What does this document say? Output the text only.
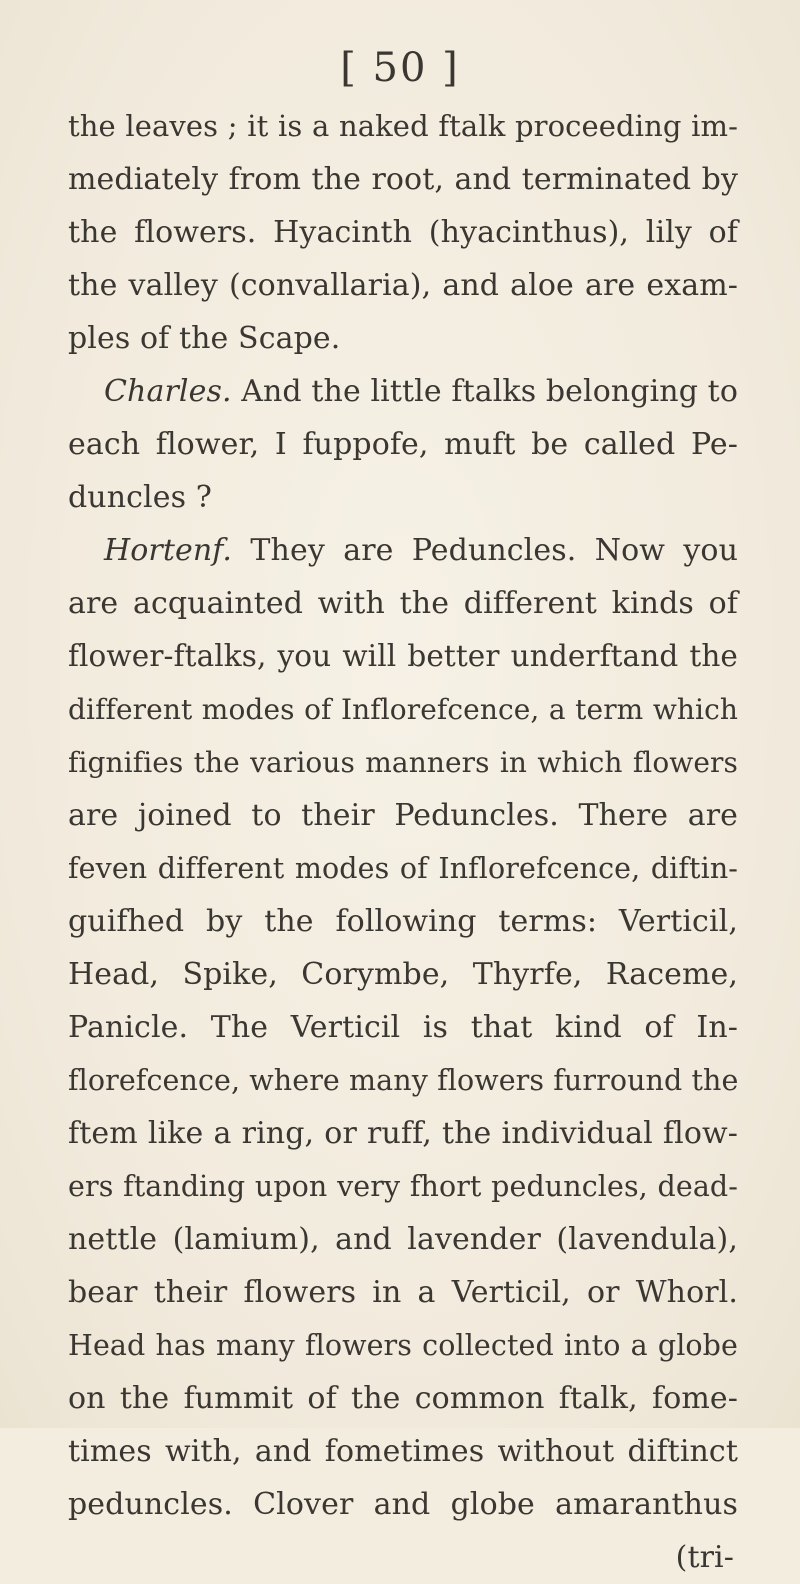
[ 50 ]
the leaves ; it is a naked ftalk proceeding im-
mediately from the root, and terminated by
the flowers. Hyacinth (hyacinthus), lily of
the valley (convallaria), and aloe are exam-
ples of the Scape.
Charles. And the little ftalks belonging to
each flower, I fuppofe, muft be called Pe-
duncles ?
Hortenf. They are Peduncles. Now you
are acquainted with the different kinds of
flower-ftalks, you will better underftand the
different modes of Inflorefcence, a term which
fignifies the various manners in which flowers
are joined to their Peduncles. There are
feven different modes of Inflorefcence, diftin-
guifhed by the following terms: Verticil,
Head, Spike, Corymbe, Thyrfe, Raceme,
Panicle. The Verticil is that kind of In-
florefcence, where many flowers furround the
ftem like a ring, or ruff, the individual flow-
ers ftanding upon very fhort peduncles, dead-
nettle (lamium), and lavender (lavendula),
bear their flowers in a Verticil, or Whorl.
Head has many flowers collected into a globe
on the fummit of the common ftalk, fome-
times with, and fometimes without diftinct
peduncles. Clover and globe amaranthus
(tri-
